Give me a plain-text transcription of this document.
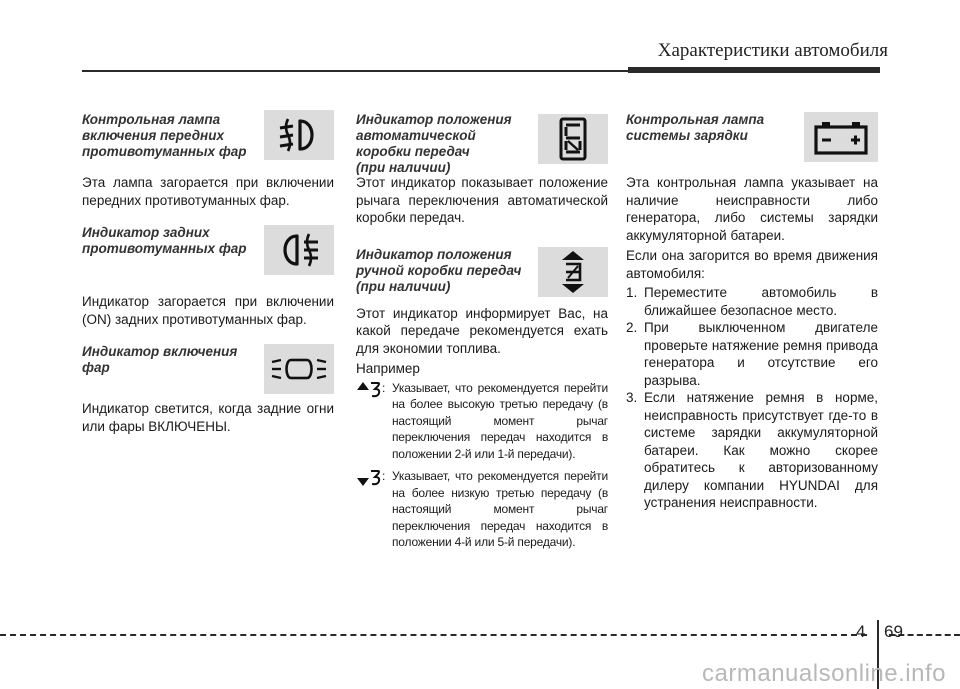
Характеристики автомобиля
Контрольная лампа
включения передних
противотуманных фар
Эта лампа загорается при включении передних противотуманных фар.
Индикатор задних
противотуманных фар
Индикатор загорается при включении (ON) задних противотуманных фар.
Индикатор включения
фар
Индикатор светится, когда задние огни или фары ВКЛЮЧЕНЫ.
Индикатор положения
автоматической
коробки передач
(при наличии)
Этот индикатор показывает положение рычага переключения автоматической коробки передач.
Индикатор положения
ручной коробки передач
(при наличии)
Этот индикатор информирует Вас, на какой передаче рекомендуется ехать для экономии топлива.
Например
: Указывает, что рекомендуется перейти на более высокую третью передачу (в настоящий момент рычаг переключения передач находится в положении 2-й или 1-й передачи).
: Указывает, что рекомендуется перейти на более низкую третью передачу (в настоящий момент рычаг переключения передач находится в положении 4-й или 5-й передачи).
Контрольная лампа
системы зарядки
Эта контрольная лампа указывает на наличие неисправности либо генератора, либо системы зарядки аккумуляторной батареи.
Если она загорится во время движения автомобиля:
1. Переместите автомобиль в ближайшее безопасное место.
2. При выключенном двигателе проверьте натяжение ремня привода генератора и отсутствие его разрыва.
3. Если натяжение ремня в норме, неисправность присутствует где-то в системе зарядки аккумуляторной батареи. Как можно скорее обратитесь к авторизованному дилеру компании HYUNDAI для устранения неисправности.
4 69
carmanualsonline.info
